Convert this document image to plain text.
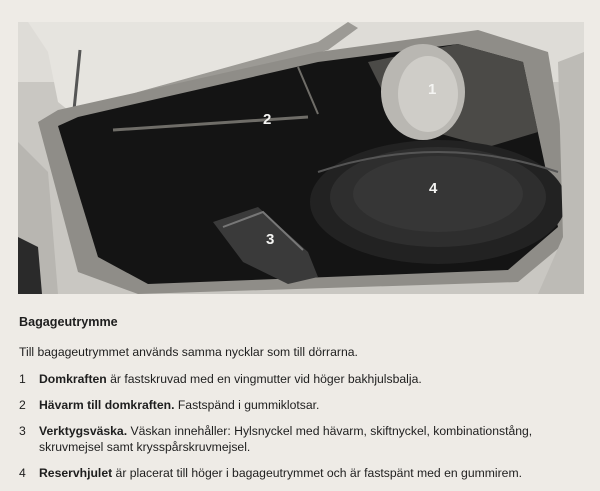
1
2
3
4
Bagageutrymme
Till bagageutrymmet används samma nycklar som till dörrarna.
1	Domkraften är fastskruvad med en vingmutter vid höger bakhjulsbalja.
2	Hävarm till domkraften. Fastspänd i gummiklotsar.
3	Verktygsväska. Väskan innehåller: Hylsnyckel med hävarm, skiftnyckel, kombinationstång, skruvmejsel samt krysspårskruvmejsel.
4	Reservhjulet är placerat till höger i bagageutrymmet och är fastspänt med en gummirem.
